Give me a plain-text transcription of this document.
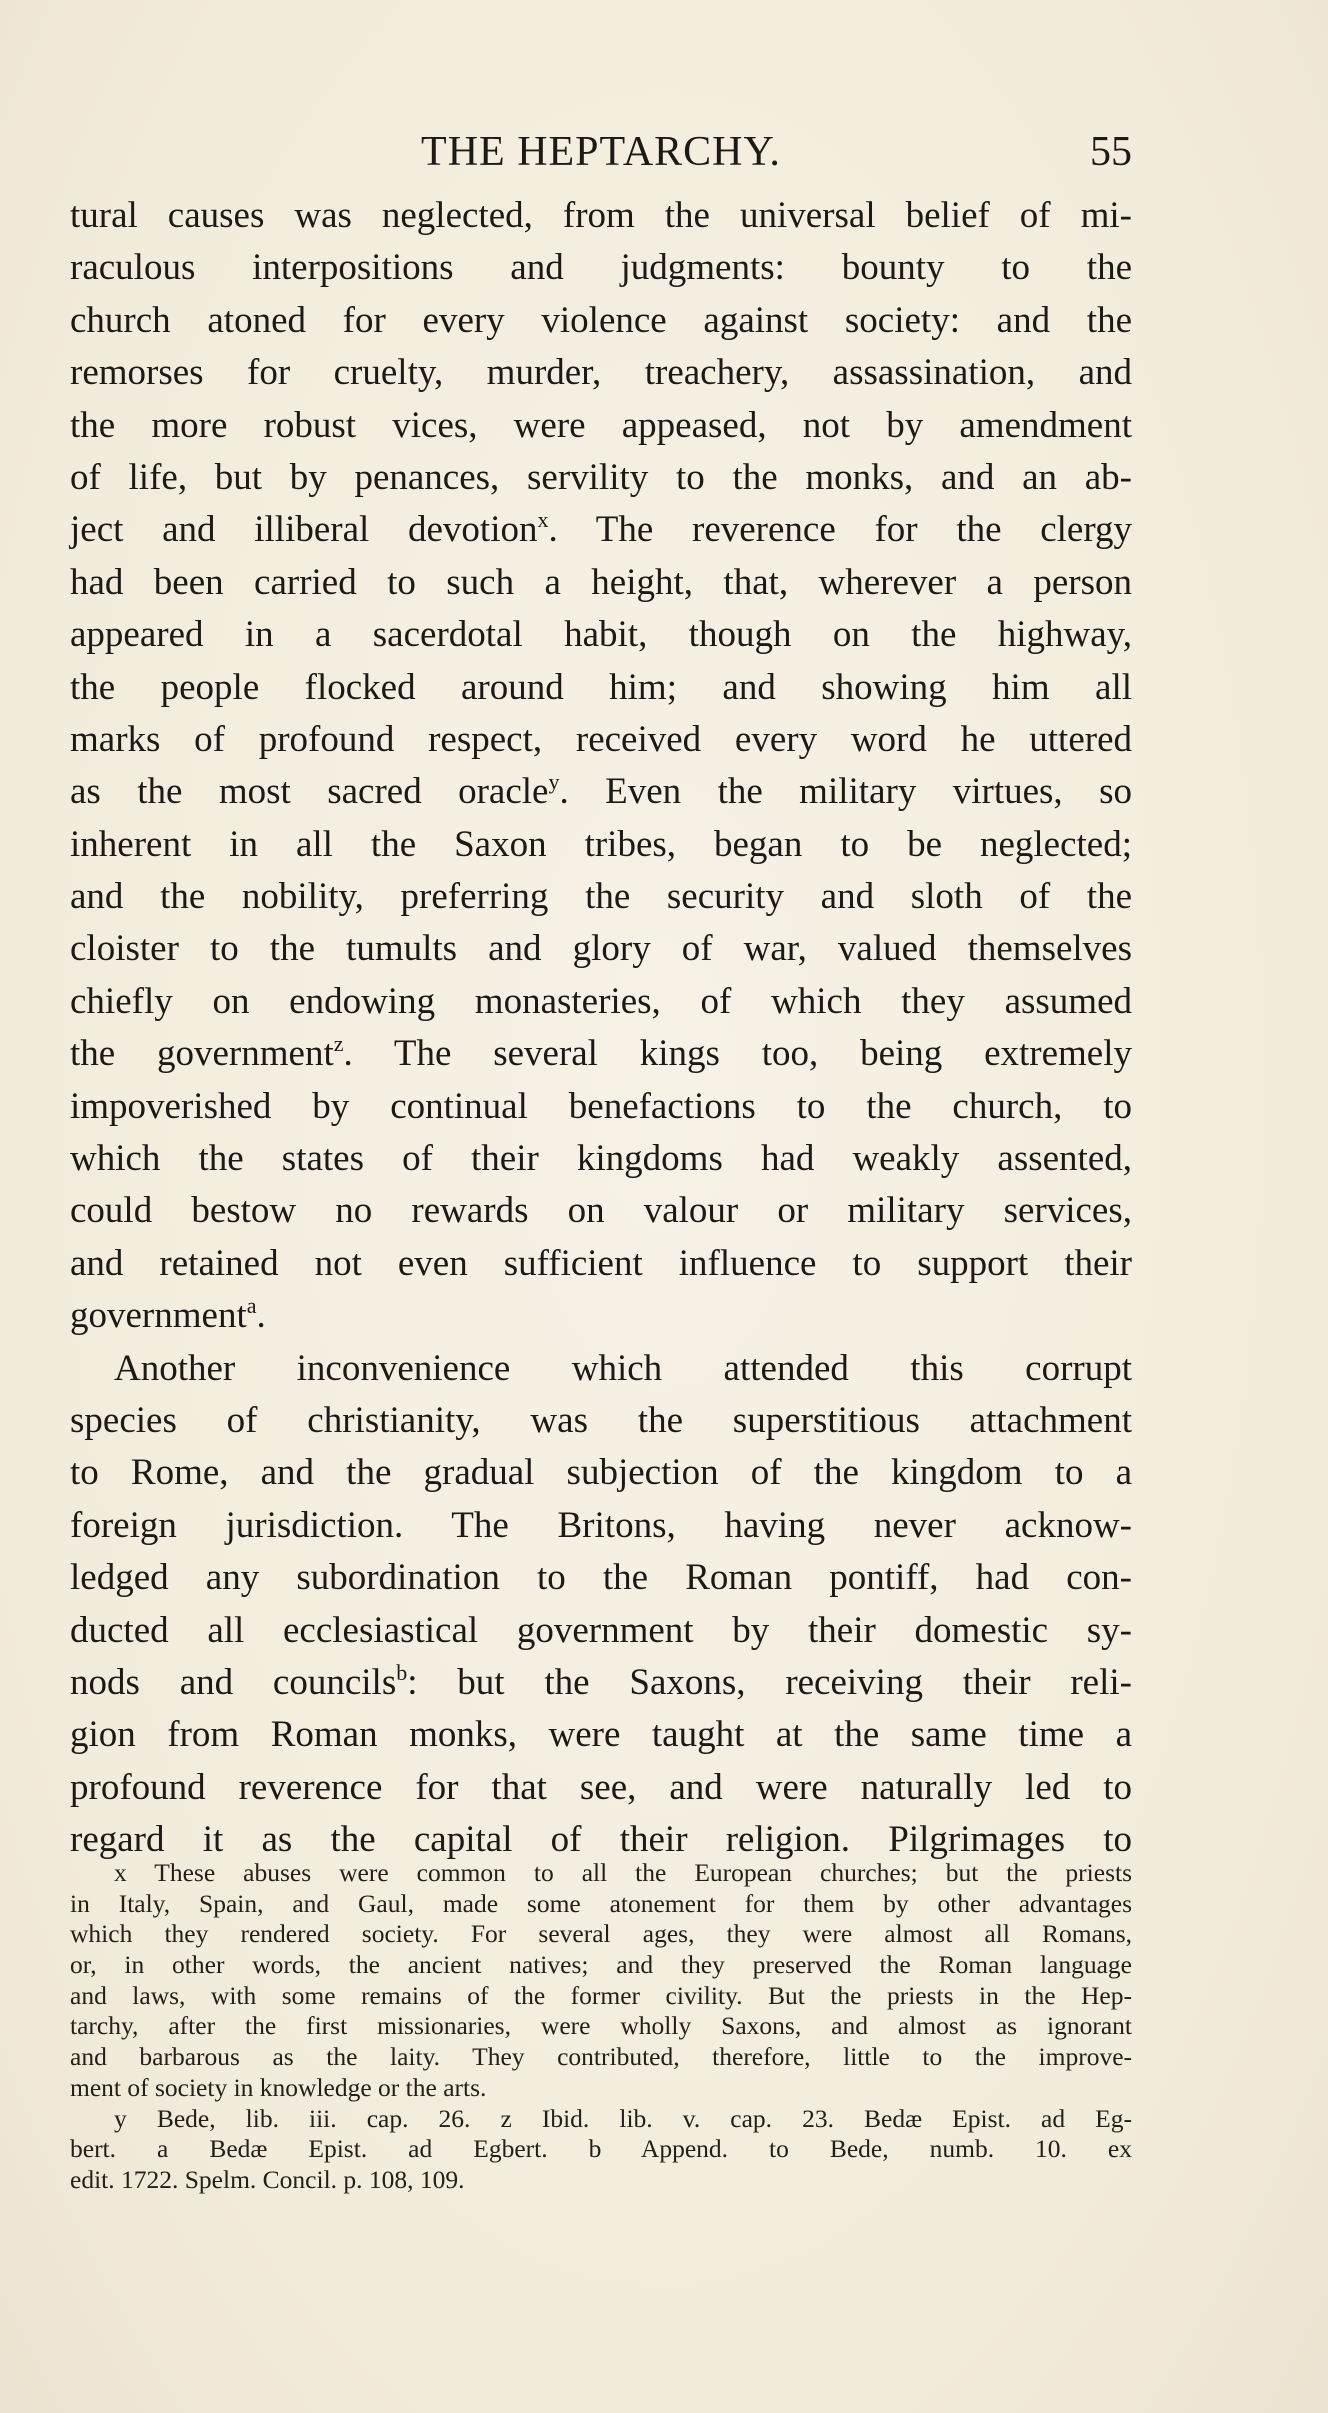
THE HEPTARCHY.	55
tural causes was neglected, from the universal belief of mi-
raculous interpositions and judgments: bounty to the
church atoned for every violence against society: and the
remorses for cruelty, murder, treachery, assassination, and
the more robust vices, were appeased, not by amendment
of life, but by penances, servility to the monks, and an ab-
ject and illiberal devotion$^x$. The reverence for the clergy
had been carried to such a height, that, wherever a person
appeared in a sacerdotal habit, though on the highway,
the people flocked around him; and showing him all
marks of profound respect, received every word he uttered
as the most sacred oracle$^y$. Even the military virtues, so
inherent in all the Saxon tribes, began to be neglected;
and the nobility, preferring the security and sloth of the
cloister to the tumults and glory of war, valued themselves
chiefly on endowing monasteries, of which they assumed
the government$^z$. The several kings too, being extremely
impoverished by continual benefactions to the church, to
which the states of their kingdoms had weakly assented,
could bestow no rewards on valour or military services,
and retained not even sufficient influence to support their
government$^a$.
Another inconvenience which attended this corrupt
species of christianity, was the superstitious attachment
to Rome, and the gradual subjection of the kingdom to a
foreign jurisdiction. The Britons, having never acknow-
ledged any subordination to the Roman pontiff, had con-
ducted all ecclesiastical government by their domestic sy-
nods and councils$^b$: but the Saxons, receiving their reli-
gion from Roman monks, were taught at the same time a
profound reverence for that see, and were naturally led to
regard it as the capital of their religion. Pilgrimages to
x These abuses were common to all the European churches; but the priests
in Italy, Spain, and Gaul, made some atonement for them by other advantages
which they rendered society. For several ages, they were almost all Romans,
or, in other words, the ancient natives; and they preserved the Roman language
and laws, with some remains of the former civility. But the priests in the Hep-
tarchy, after the first missionaries, were wholly Saxons, and almost as ignorant
and barbarous as the laity. They contributed, therefore, little to the improve-
ment of society in knowledge or the arts.
y Bede, lib. iii. cap. 26. z Ibid. lib. v. cap. 23. Bedæ Epist. ad Eg-
bert. a Bedæ Epist. ad Egbert. b Append. to Bede, numb. 10. ex
edit. 1722. Spelm. Concil. p. 108, 109.
